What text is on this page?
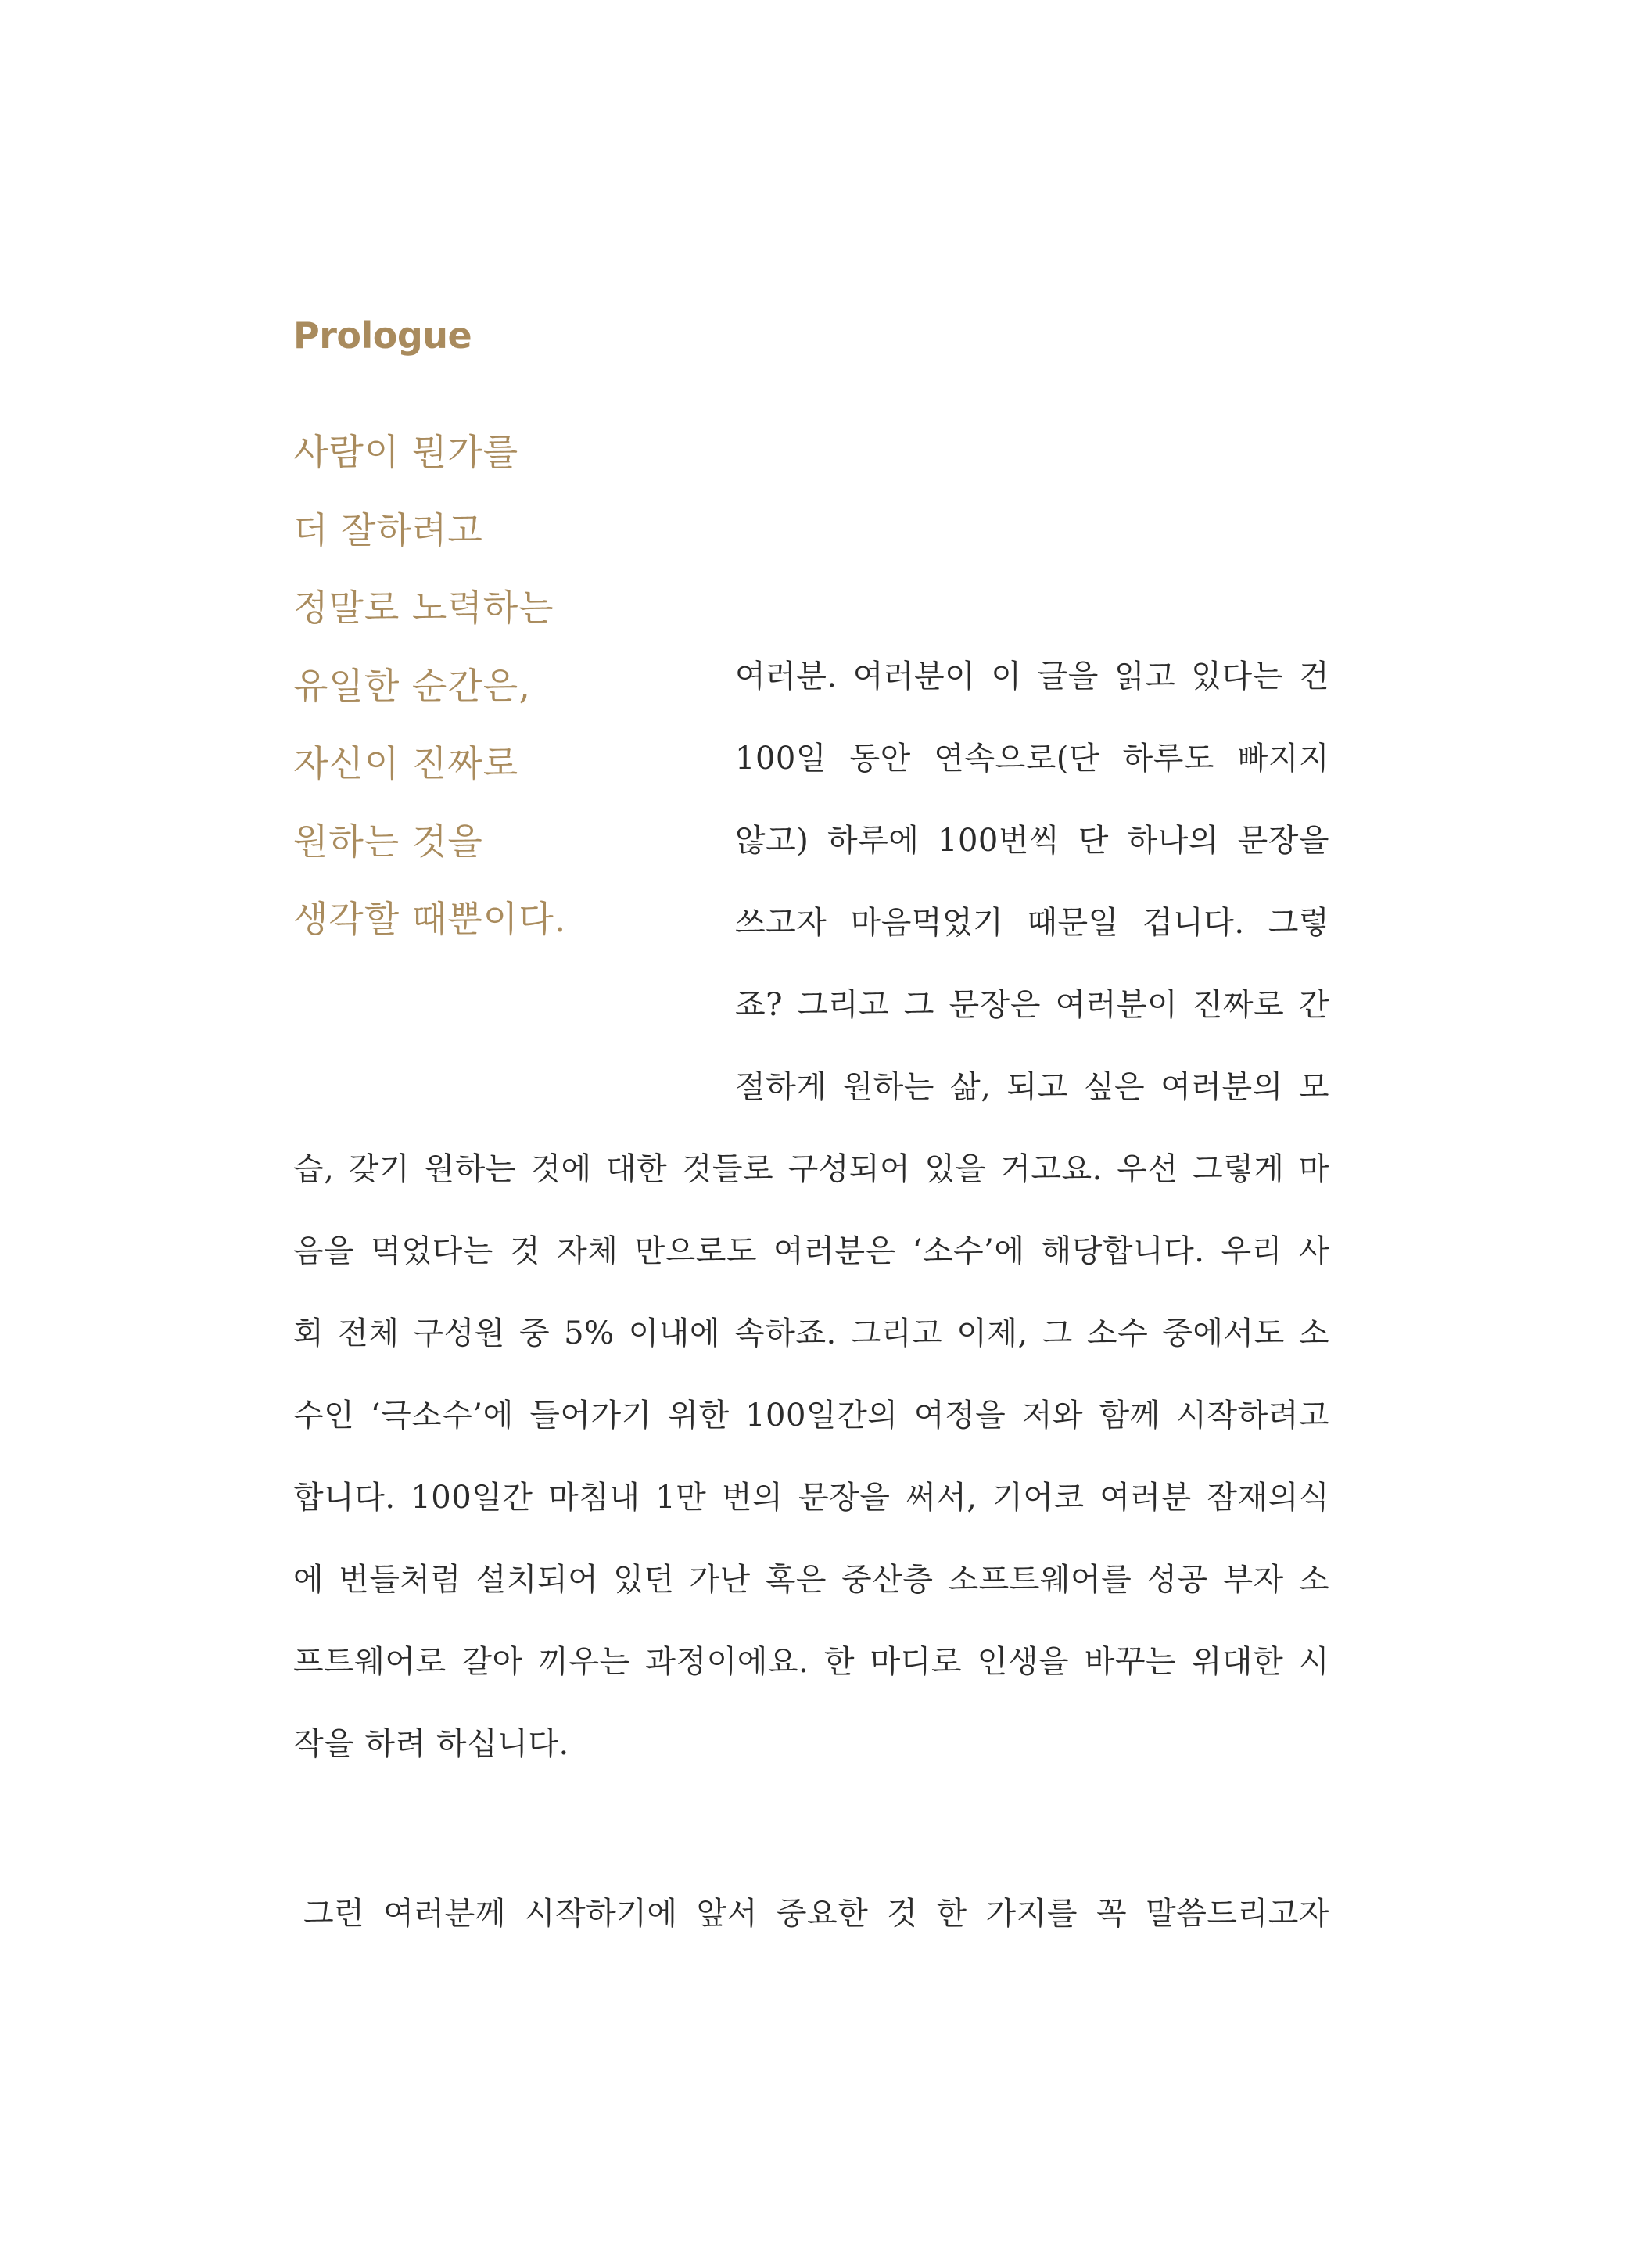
Prologue
사람이 뭔가를
더 잘하려고
정말로 노력하는
유일한 순간은,
자신이 진짜로
원하는 것을
생각할 때뿐이다.
여러분. 여러분이 이 글을 읽고 있다는 건
100일 동안 연속으로(단 하루도 빠지지
않고) 하루에 100번씩 단 하나의 문장을
쓰고자 마음먹었기 때문일 겁니다. 그렇
죠? 그리고 그 문장은 여러분이 진짜로 간
절하게 원하는 삶, 되고 싶은 여러분의 모
습, 갖기 원하는 것에 대한 것들로 구성되어 있을 거고요. 우선 그렇게 마
음을 먹었다는 것 자체 만으로도 여러분은 ‘소수’에 해당합니다. 우리 사
회 전체 구성원 중 5% 이내에 속하죠. 그리고 이제, 그 소수 중에서도 소
수인 ‘극소수’에 들어가기 위한 100일간의 여정을 저와 함께 시작하려고
합니다. 100일간 마침내 1만 번의 문장을 써서, 기어코 여러분 잠재의식
에 번들처럼 설치되어 있던 가난 혹은 중산층 소프트웨어를 성공 부자 소
프트웨어로 갈아 끼우는 과정이에요. 한 마디로 인생을 바꾸는 위대한 시
작을 하려 하십니다.
그런 여러분께 시작하기에 앞서 중요한 것 한 가지를 꼭 말씀드리고자
